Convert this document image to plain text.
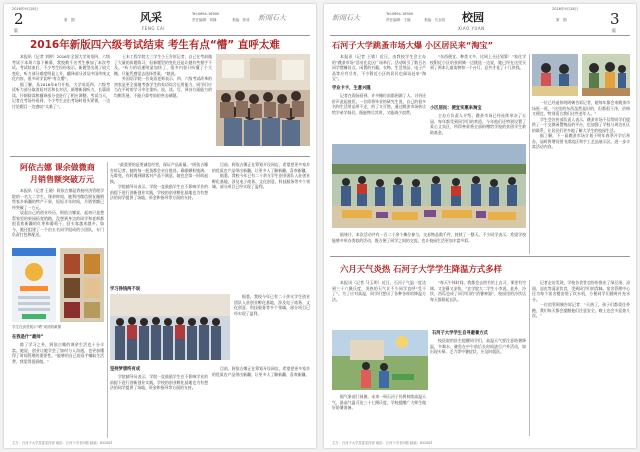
2016年9月28日
2
版
风采
FENG CAI
Tel:0694-16900
责任编辑：刘静	美编：张成 新闻石大
第　期
2016年新版四六级考试结束 考生有点“懵” 直呼太难

本报讯（记者 刘婷）2016年全国大学英语四、六级考试于本周六落下帷幕，我校数千名考生参加了本次考试。考试结束后，不少考生纷纷表示，新题型出现了较大变化，听力部分难度明显上升，翻译部分涉及中国传统文化内容，很多同学直呼“有点懵”。

据了解，从2016年6月开始，大学英语四、六级考试听力部分取消短对话和长对话，新增新闻听力，长篇阅读、仔细阅读和翻译部分也进行了相应调整。考试当天，记者在考场外看到，不少考生走出考场时眉头紧锁，一边讨论题目一边感叹“太难了”。

土木工程学院大三学生小王告诉记者，自己在考前做了大量的真题练习，但新题型的变化还是让她有些措手不及。“听力的语速明显加快了，很多内容只听懂了个大概，只能凭感觉去选择答案。”她说。

外国语学院一位英语老师表示，四、六级考试改革的初衷是更全面地考查学生的英语综合运用能力，同学们应当在平时的学习中注重听、说、读、写、译各方面能力的均衡发展，不能只靠考前的突击刷题。

阿依古娜 课余做微商
月销售额突破万元

本报讯（记者 王晓）阿依古娜是我校经济管理学院的一名大二学生。课余时间，她利用微信朋友圈销售家乡新疆的特产干果，短短半年时间，月销售额已经突破了一万元。

谈起自己的创业经历，阿依古娜说，起初只是想帮家里的果园拓宽销路，没想到身边的同学和老师都很喜欢新疆的红枣和葡萄干，回头客越来越多。如今，她还组建了一个由五名同学组成的小团队，专门负责打包和配送。

学生在食堂展示“晒”成绩的截图
在我是什“最帅”

除了学习之外，阿依古娜的课余生活也十分丰富。她说，创业让她学会了如何与人沟通，也更加懂得了时间管理的重要性。“能够用自己的双手赚取生活费，我觉得很骄傲。”

“最重要的是要诚信经营，保证产品质量。”阿依古娜告诉记者，她的每一批货都会亲自挑选，确保颗粒饱满、无霉变。有时遇到顾客对产品不满意，她也会第一时间退换。

学院辅导员表示，学院一直鼓励学生在不影响学业的前提下进行创新创业实践，学校的创业孵化基地也为有想法的同学提供了场地、资金和指导等方面的支持。

目前，阿依古娜正在筹划开设网店，希望把更多家乡的优质农产品带出新疆，让更多人了解新疆、喜欢新疆。

据悉，我校今年已有二十余支学生创业团队入驻创业孵化基地，涉及电子商务、文化创意、科技服务等多个领域，部分项目已经实现了盈利。

学习挣钱两不误

据悉，我校今年已有二十余支学生创业团队入驻创业孵化基地，涉及电子商务、文化创意、科技服务等多个领域，部分项目已经实现了盈利。

坚持梦想终有成

学院辅导员表示，学院一直鼓励学生在不影响学业的前提下进行创新创业实践，学校的创业孵化基地也为有想法的同学提供了场地、资金和指导等方面的支持。

目前，阿依古娜正在筹划开设网店，希望把更多家乡的优质农产品带出新疆，让更多人了解新疆、喜欢新疆。

主办：石河子大学党委宣传部 地址：石河子市北四路 邮编：832003
新闻石大	Tel:0694-16900
责任编辑：王晓	美编：马玉明 校园
XIAO YUAN
2016年9月28日
第　期	3
版
石河子大学跳蚤市场大爆 小区居民来“淘宝”

本报讯（记者 王敏）近日，由我校学生会主办的“跳蚤市场”活动在北区广场举行。活动吸引了数百名同学摆摊设点，闲置的书籍、衣物、生活用品、电子产品等应有尽有，不少附近小区的居民也闻讯赶来“淘宝”。

学业卡卡，生意兴隆

记者在现场看到，许多摊位前都围满了人，讨价还价声此起彼伏。一位即将毕业的研究生说，自己的很多书和生活用品带不走，扔了又可惜，通过跳蚤市场转让给学弟学妹们，既能物尽其用，又能减少浪费。

“东西便宜、种类又多，比网上买还划算！”家住学校附近小区的张阿姨一边挑选一边说，她已经在这里买到了两本儿童读物和一个台灯，总共才花了十几块钱。

小区居民：便宜实惠来淘宝

主办方负责人介绍，跳蚤市场已经连续举办了五届，每年都受到同学们的欢迎。今年他们还特别设置了爱心义卖区，所得善款将全部捐赠给学校的贫困学生救助基金。

据统计，本次活动共有一百二十余个摊位参与，交易物品数千件，持续了一整天。不少同学表示，希望学校能够多举办类似的活动，既方便了同学之间的交流，也让校园生活更加丰富多彩。

一位已经退休的阿姨告诉记者，她每年都会来跳蚤市场逛一逛，“这里的东西虽然是旧的，但都很干净，价格又便宜，特别适合我们这些老年人。”

学生会宣传部负责人表示，跳蚤市场不仅给同学们提供了一个交换闲置物品的平台，也加强了学校与周边社区的联系，让居民们更多地了解大学生的校园生活。

据了解，下一届跳蚤市场计划于明年春季开学后举办，届时将增设图书漂流区和手工艺品展示区，进一步丰富活动内容。

六月天气炎热 石河子大学学生降温方式多样

本报讯（记者 马玉明）近日，石河子气温一度达到三十六摄氏度，炎热的天气让不少同学直呼“受不了”。为了应对高温，同学们想出了各种各样的降温方法。

“每天午休时间，我都会去图书馆上自习，那里有空调，又安静又凉快。”农学院大二学生小李说。此外，冷饮、西瓜也成了同学们的“消暑神器”，校园里的冷饮店每天都排起长队。

石河子大学学生自寻避暑方式

校医院的医生提醒同学们，高温天气要注意防暑降温，多喝水，避免在中午前后长时间进行户外活动，如出现头晕、乏力等中暑症状，应及时就医。

据气象部门预测，未来一周石河子仍将持续高温天气，最高气温可达三十七摄氏度，学校提醒广大师生做好防暑准备。

记者走访发现，学校各食堂也纷纷推出了绿豆汤、凉面、凉皮等清凉饮食，受到同学们的青睐。宿舍管理中心还为每个宿舍楼安装了饮水机，方便同学们随时补充水分。

一位宿管阿姨告诉记者：“天热了，孩子们都爱往外跑，我们每天都会提醒他们注意安全，晚上也会多巡查几次。”

主办：石河子大学党委宣传部 地址：石河子市北四路 邮编：832003
